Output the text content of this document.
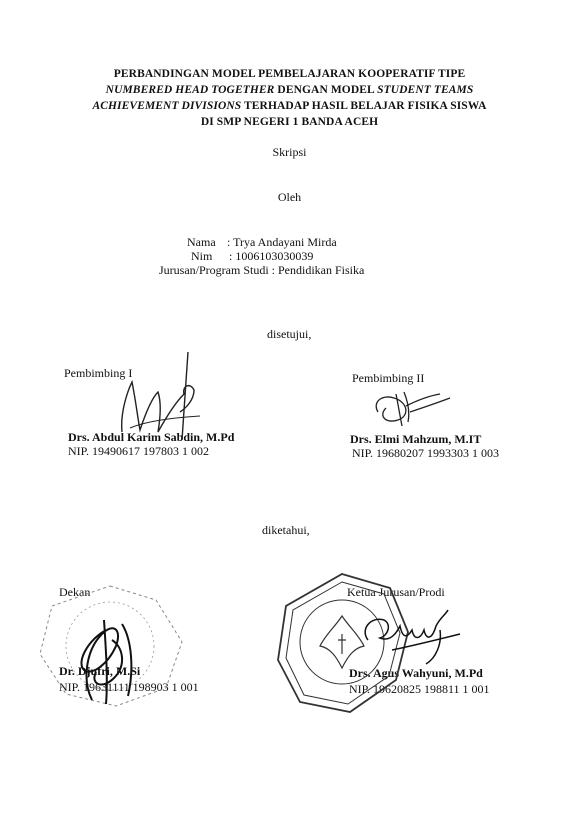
PERBANDINGAN MODEL PEMBELAJARAN KOOPERATIF TIPE
NUMBERED HEAD TOGETHER DENGAN MODEL STUDENT TEAMS
ACHIEVEMENT DIVISIONS TERHADAP HASIL BELAJAR FISIKA SISWA
DI SMP NEGERI 1 BANDA ACEH
Skripsi
Oleh
Nama : Trya Andayani Mirda
Nim : 1006103030039
Jurusan/Program Studi : Pendidikan Fisika
disetujui,
Pembimbing I
Drs. Abdul Karim Sabdin, M.Pd
NIP. 19490617 197803 1 002
Pembimbing II
Drs. Elmi Mahzum, M.IT
NIP. 19680207 1993303 1 003
diketahui,
Dekan
Dr. Djufri, M.Si
NIP. 19631111 198903 1 001
Ketua Jurusan/Prodi
Drs. Agus Wahyuni, M.Pd
NIP. 19620825 198811 1 001
